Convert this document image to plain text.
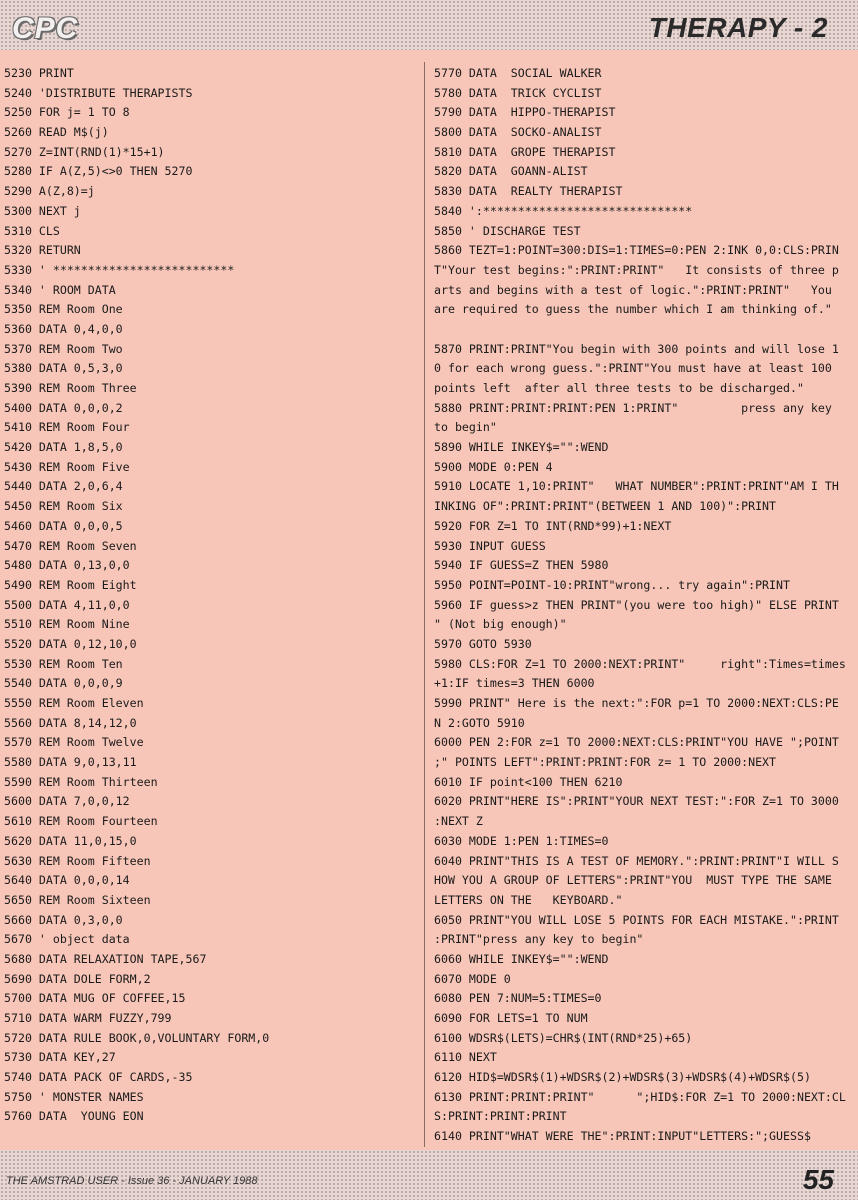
CPC	THERAPY - 2
5230 PRINT
5240 'DISTRIBUTE THERAPISTS
5250 FOR j= 1 TO 8
5260 READ M$(j)
5270 Z=INT(RND(1)*15+1)
5280 IF A(Z,5)<>0 THEN 5270
5290 A(Z,8)=j
5300 NEXT j
5310 CLS
5320 RETURN
5330 ' **************************
5340 ' ROOM DATA
5350 REM Room One
5360 DATA 0,4,0,0
5370 REM Room Two
5380 DATA 0,5,3,0
5390 REM Room Three
5400 DATA 0,0,0,2
5410 REM Room Four
5420 DATA 1,8,5,0
5430 REM Room Five
5440 DATA 2,0,6,4
5450 REM Room Six
5460 DATA 0,0,0,5
5470 REM Room Seven
5480 DATA 0,13,0,0
5490 REM Room Eight
5500 DATA 4,11,0,0
5510 REM Room Nine
5520 DATA 0,12,10,0
5530 REM Room Ten
5540 DATA 0,0,0,9
5550 REM Room Eleven
5560 DATA 8,14,12,0
5570 REM Room Twelve
5580 DATA 9,0,13,11
5590 REM Room Thirteen
5600 DATA 7,0,0,12
5610 REM Room Fourteen
5620 DATA 11,0,15,0
5630 REM Room Fifteen
5640 DATA 0,0,0,14
5650 REM Room Sixteen
5660 DATA 0,3,0,0
5670 ' object data
5680 DATA RELAXATION TAPE,567
5690 DATA DOLE FORM,2
5700 DATA MUG OF COFFEE,15
5710 DATA WARM FUZZY,799
5720 DATA RULE BOOK,0,VOLUNTARY FORM,0
5730 DATA KEY,27
5740 DATA PACK OF CARDS,-35
5750 ' MONSTER NAMES
5760 DATA  YOUNG EON
5770 DATA  SOCIAL WALKER
5780 DATA  TRICK CYCLIST
5790 DATA  HIPPO-THERAPIST
5800 DATA  SOCKO-ANALIST
5810 DATA  GROPE THERAPIST
5820 DATA  GOANN-ALIST
5830 DATA  REALTY THERAPIST
5840 ':******************************
5850 ' DISCHARGE TEST
5860 TEZT=1:POINT=300:DIS=1:TIMES=0:PEN 2:INK 0,0:CLS:PRIN
T"Your test begins:":PRINT:PRINT"   It consists of three p
arts and begins with a test of logic.":PRINT:PRINT"   You
are required to guess the number which I am thinking of."
5870 PRINT:PRINT"You begin with 300 points and will lose 1
0 for each wrong guess.":PRINT"You must have at least 100
points left  after all three tests to be discharged."
5880 PRINT:PRINT:PRINT:PEN 1:PRINT"         press any key
to begin"
5890 WHILE INKEY$="":WEND
5900 MODE 0:PEN 4
5910 LOCATE 1,10:PRINT"   WHAT NUMBER":PRINT:PRINT"AM I TH
INKING OF":PRINT:PRINT"(BETWEEN 1 AND 100)":PRINT
5920 FOR Z=1 TO INT(RND*99)+1:NEXT
5930 INPUT GUESS
5940 IF GUESS=Z THEN 5980
5950 POINT=POINT-10:PRINT"wrong... try again":PRINT
5960 IF guess>z THEN PRINT"(you were too high)" ELSE PRINT
" (Not big enough)"
5970 GOTO 5930
5980 CLS:FOR Z=1 TO 2000:NEXT:PRINT"     right":Times=times
+1:IF times=3 THEN 6000
5990 PRINT" Here is the next:":FOR p=1 TO 2000:NEXT:CLS:PE
N 2:GOTO 5910
6000 PEN 2:FOR z=1 TO 2000:NEXT:CLS:PRINT"YOU HAVE ";POINT
;" POINTS LEFT":PRINT:PRINT:FOR z= 1 TO 2000:NEXT
6010 IF point<100 THEN 6210
6020 PRINT"HERE IS":PRINT"YOUR NEXT TEST:":FOR Z=1 TO 3000
:NEXT Z
6030 MODE 1:PEN 1:TIMES=0
6040 PRINT"THIS IS A TEST OF MEMORY.":PRINT:PRINT"I WILL S
HOW YOU A GROUP OF LETTERS":PRINT"YOU  MUST TYPE THE SAME
LETTERS ON THE   KEYBOARD."
6050 PRINT"YOU WILL LOSE 5 POINTS FOR EACH MISTAKE.":PRINT
:PRINT"press any key to begin"
6060 WHILE INKEY$="":WEND
6070 MODE 0
6080 PEN 7:NUM=5:TIMES=0
6090 FOR LETS=1 TO NUM
6100 WDSR$(LETS)=CHR$(INT(RND*25)+65)
6110 NEXT
6120 HID$=WDSR$(1)+WDSR$(2)+WDSR$(3)+WDSR$(4)+WDSR$(5)
6130 PRINT:PRINT:PRINT"      ";HID$:FOR Z=1 TO 2000:NEXT:CL
S:PRINT:PRINT:PRINT
6140 PRINT"WHAT WERE THE":PRINT:INPUT"LETTERS:";GUESS$
THE AMSTRAD USER - Issue 36 - JANUARY 1988	55
